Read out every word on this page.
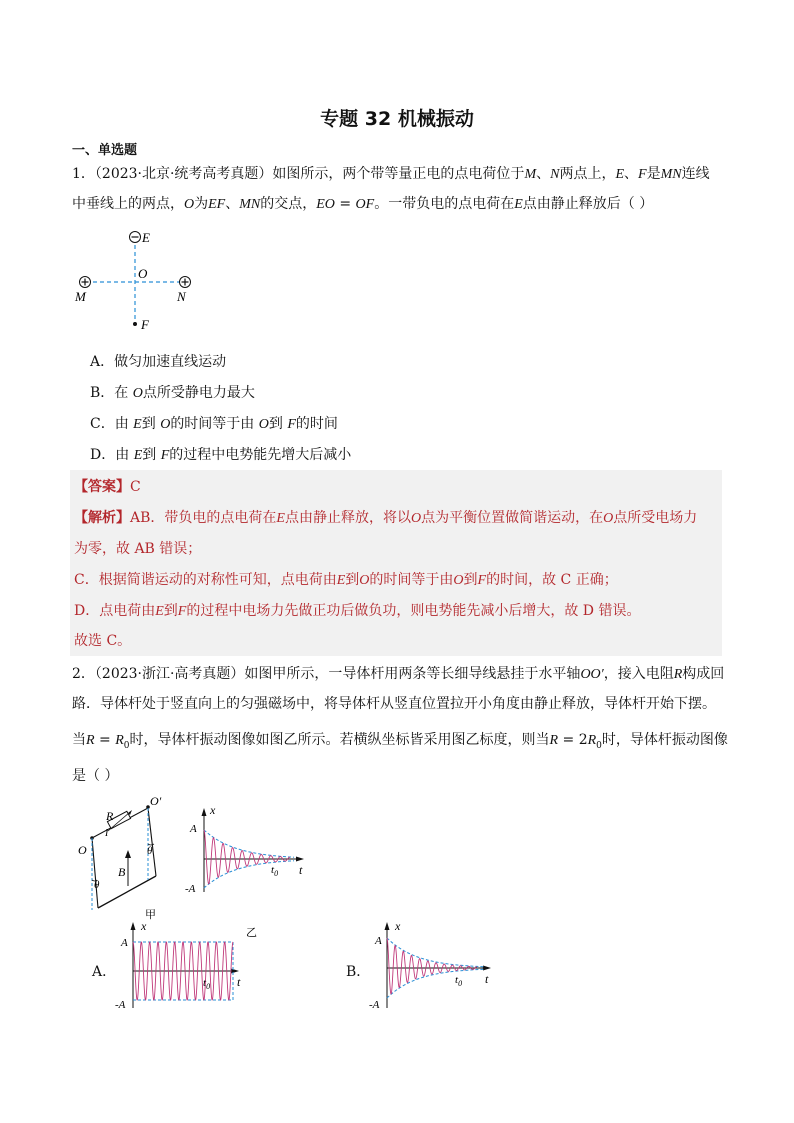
专题 32 机械振动
一、单选题
1．（2023·北京·统考高考真题）如图所示，两个带等量正电的点电荷位于M、N两点上，E、F是MN连线
中垂线上的两点，O为EF、MN的交点，EO = OF。一带负电的点电荷在E点由静止释放后（ ）
E
O
M	N
F
A．做匀加速直线运动
B．在 O点所受静电力最大
C．由 E到 O的时间等于由 O到 F的时间
D．由 E到 F的过程中电势能先增大后减小
【答案】C
【解析】AB．带负电的点电荷在E点由静止释放，将以O点为平衡位置做简谐运动，在O点所受电场力
为零，故 AB 错误；
C．根据简谐运动的对称性可知，点电荷由E到O的时间等于由O到F的时间，故 C 正确；
D．点电荷由E到F的过程中电场力先做正功后做负功，则电势能先减小后增大，故 D 错误。
故选 C。
2．（2023·浙江·高考真题）如图甲所示，一导体杆用两条等长细导线悬挂于水平轴OO′，接入电阻R构成回
路．导体杆处于竖直向上的匀强磁场中，将导体杆从竖直位置拉开小角度由静止释放，导体杆开始下摆。
当$R = R_0$时，导体杆振动图像如图乙所示。若横纵坐标皆采用图乙标度，则当$R = 2R_0$时，导体杆振动图像
是（ ）
O
O′
R
B
θ
θ
I
甲
x
t
A
-A
$t_0$
乙
A．
x
t
A
-A
$t_0$
B．
x
t
A
-A
$t_0$
